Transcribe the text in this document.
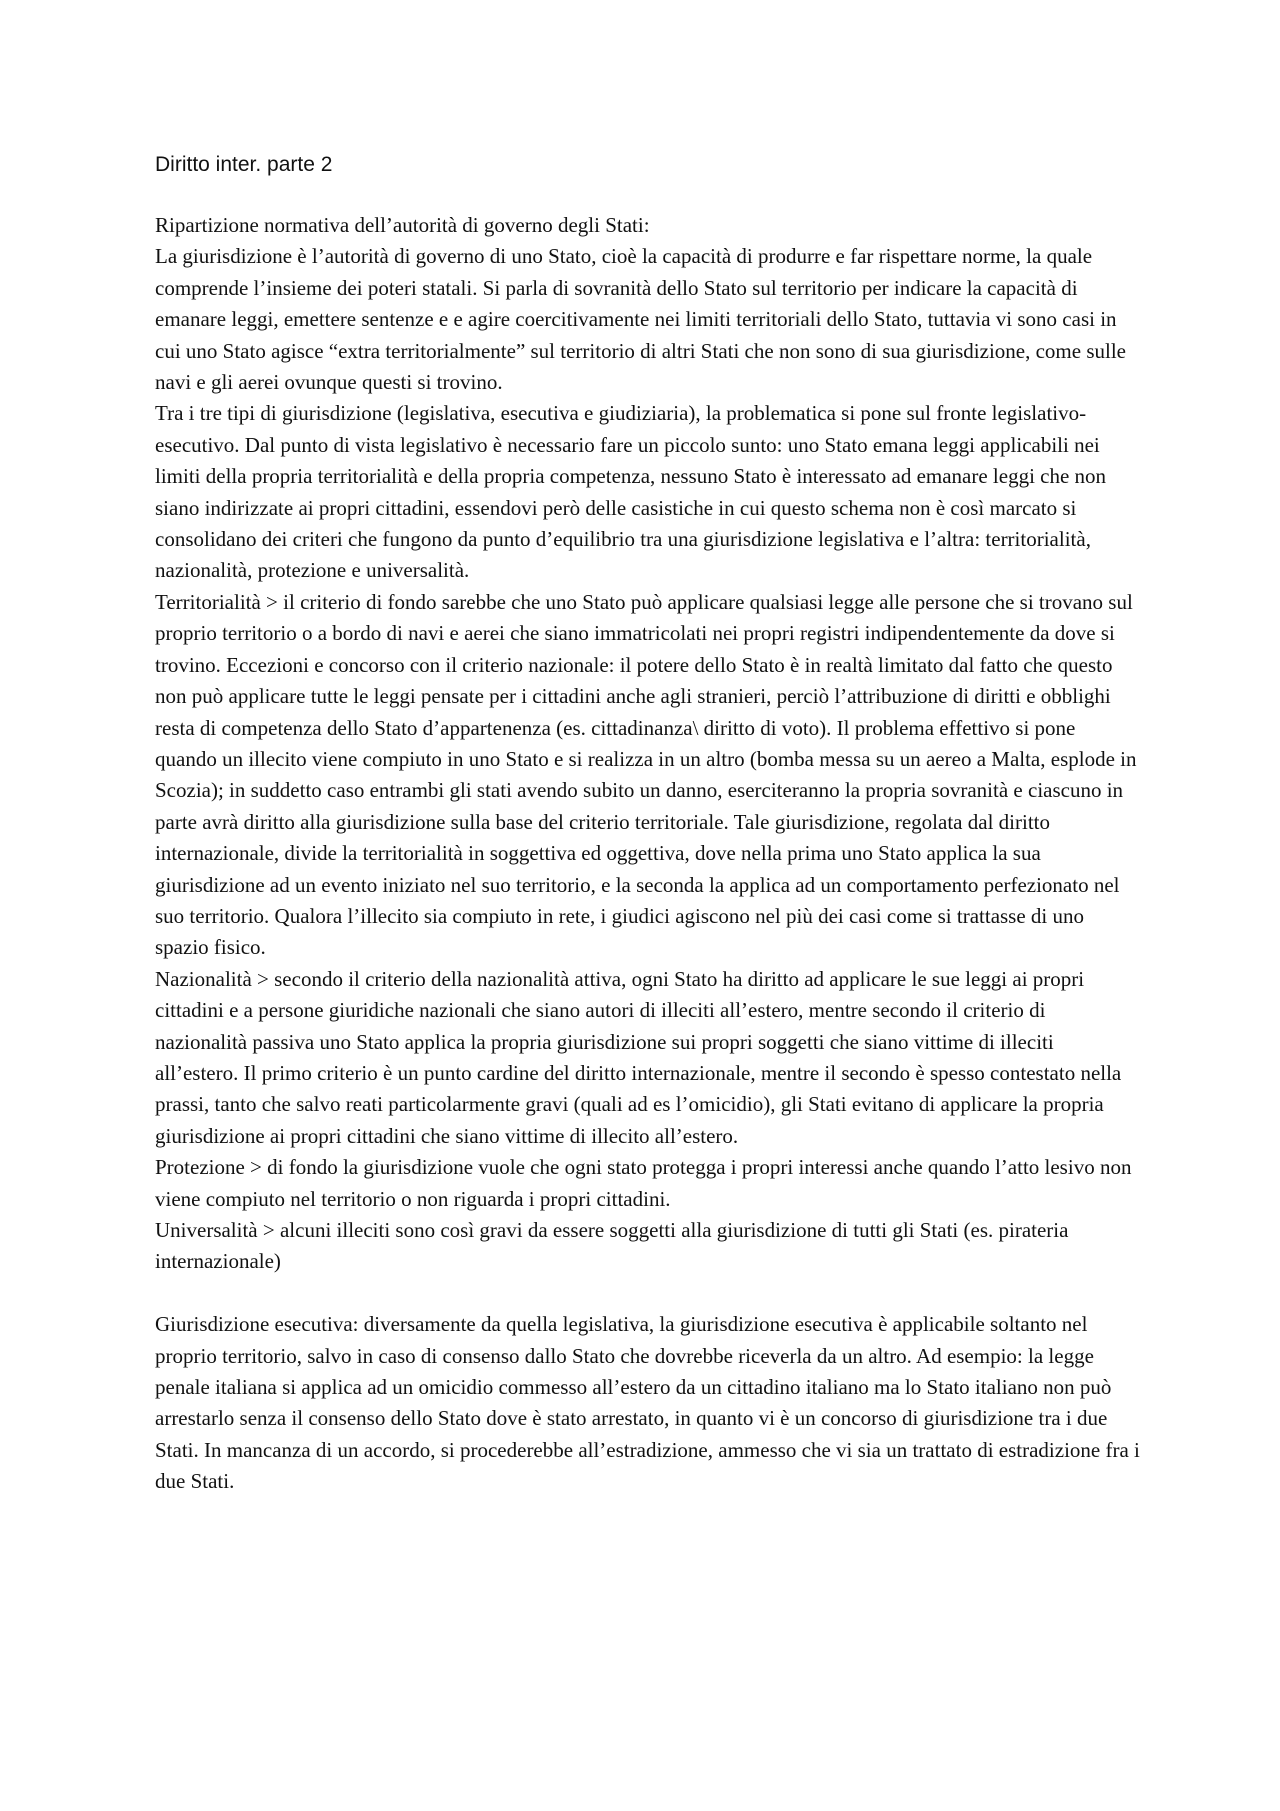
Diritto inter. parte 2

Ripartizione normativa dell’autorità di governo degli Stati:

La giurisdizione è l’autorità di governo di uno Stato, cioè la capacità di produrre e far rispettare norme, la quale comprende l’insieme dei poteri statali. Si parla di sovranità dello Stato sul territorio per indicare la capacità di emanare leggi, emettere sentenze e e agire coercitivamente nei limiti territoriali dello Stato, tuttavia vi sono casi in cui uno Stato agisce “extra territorialmente” sul territorio di altri Stati che non sono di sua giurisdizione, come sulle navi e gli aerei ovunque questi si trovino.

Tra i tre tipi di giurisdizione (legislativa, esecutiva e giudiziaria), la problematica si pone sul fronte legislativo-esecutivo. Dal punto di vista legislativo è necessario fare un piccolo sunto: uno Stato emana leggi applicabili nei limiti della propria territorialità e della propria competenza, nessuno Stato è interessato ad emanare leggi che non siano indirizzate ai propri cittadini, essendovi però delle casistiche in cui questo schema non è così marcato si consolidano dei criteri che fungono da punto d’equilibrio tra una giurisdizione legislativa e l’altra: territorialità, nazionalità, protezione e universalità.

Territorialità > il criterio di fondo sarebbe che uno Stato può applicare qualsiasi legge alle persone che si trovano sul proprio territorio o a bordo di navi e aerei che siano immatricolati nei propri registri indipendentemente da dove si trovino. Eccezioni e concorso con il criterio nazionale: il potere dello Stato è in realtà limitato dal fatto che questo non può applicare tutte le leggi pensate per i cittadini anche agli stranieri, perciò l’attribuzione di diritti e obblighi resta di competenza dello Stato d’appartenenza (es. cittadinanza\ diritto di voto). Il problema effettivo si pone quando un illecito viene compiuto in uno Stato e si realizza in un altro (bomba messa su un aereo a Malta, esplode in Scozia); in suddetto caso entrambi gli stati avendo subito un danno, eserciteranno la propria sovranità e ciascuno in parte avrà diritto alla giurisdizione sulla base del criterio territoriale. Tale giurisdizione, regolata dal diritto internazionale, divide la territorialità in soggettiva ed oggettiva, dove nella prima uno Stato applica la sua giurisdizione ad un evento iniziato nel suo territorio, e la seconda la applica ad un comportamento perfezionato nel suo territorio. Qualora l’illecito sia compiuto in rete, i giudici agiscono nel più dei casi come si trattasse di uno spazio fisico.

Nazionalità > secondo il criterio della nazionalità attiva, ogni Stato ha diritto ad applicare le sue leggi ai propri cittadini e a persone giuridiche nazionali che siano autori di illeciti all’estero, mentre secondo il criterio di nazionalità passiva uno Stato applica la propria giurisdizione sui propri soggetti che siano vittime di illeciti all’estero. Il primo criterio è un punto cardine del diritto internazionale, mentre il secondo è spesso contestato nella prassi, tanto che salvo reati particolarmente gravi (quali ad es l’omicidio), gli Stati evitano di applicare la propria giurisdizione ai propri cittadini che siano vittime di illecito all’estero.

Protezione > di fondo la giurisdizione vuole che ogni stato protegga i propri interessi anche quando l’atto lesivo non viene compiuto nel territorio o non riguarda i propri cittadini.

Universalità > alcuni illeciti sono così gravi da essere soggetti alla giurisdizione di tutti gli Stati (es. pirateria internazionale)

Giurisdizione esecutiva: diversamente da quella legislativa, la giurisdizione esecutiva è applicabile soltanto nel proprio territorio, salvo in caso di consenso dallo Stato che dovrebbe riceverla da un altro. Ad esempio: la legge penale italiana si applica ad un omicidio commesso all’estero da un cittadino italiano ma lo Stato italiano non può arrestarlo senza il consenso dello Stato dove è stato arrestato, in quanto vi è un concorso di giurisdizione tra i due Stati. In mancanza di un accordo, si procederebbe all’estradizione, ammesso che vi sia un trattato di estradizione fra i due Stati.
